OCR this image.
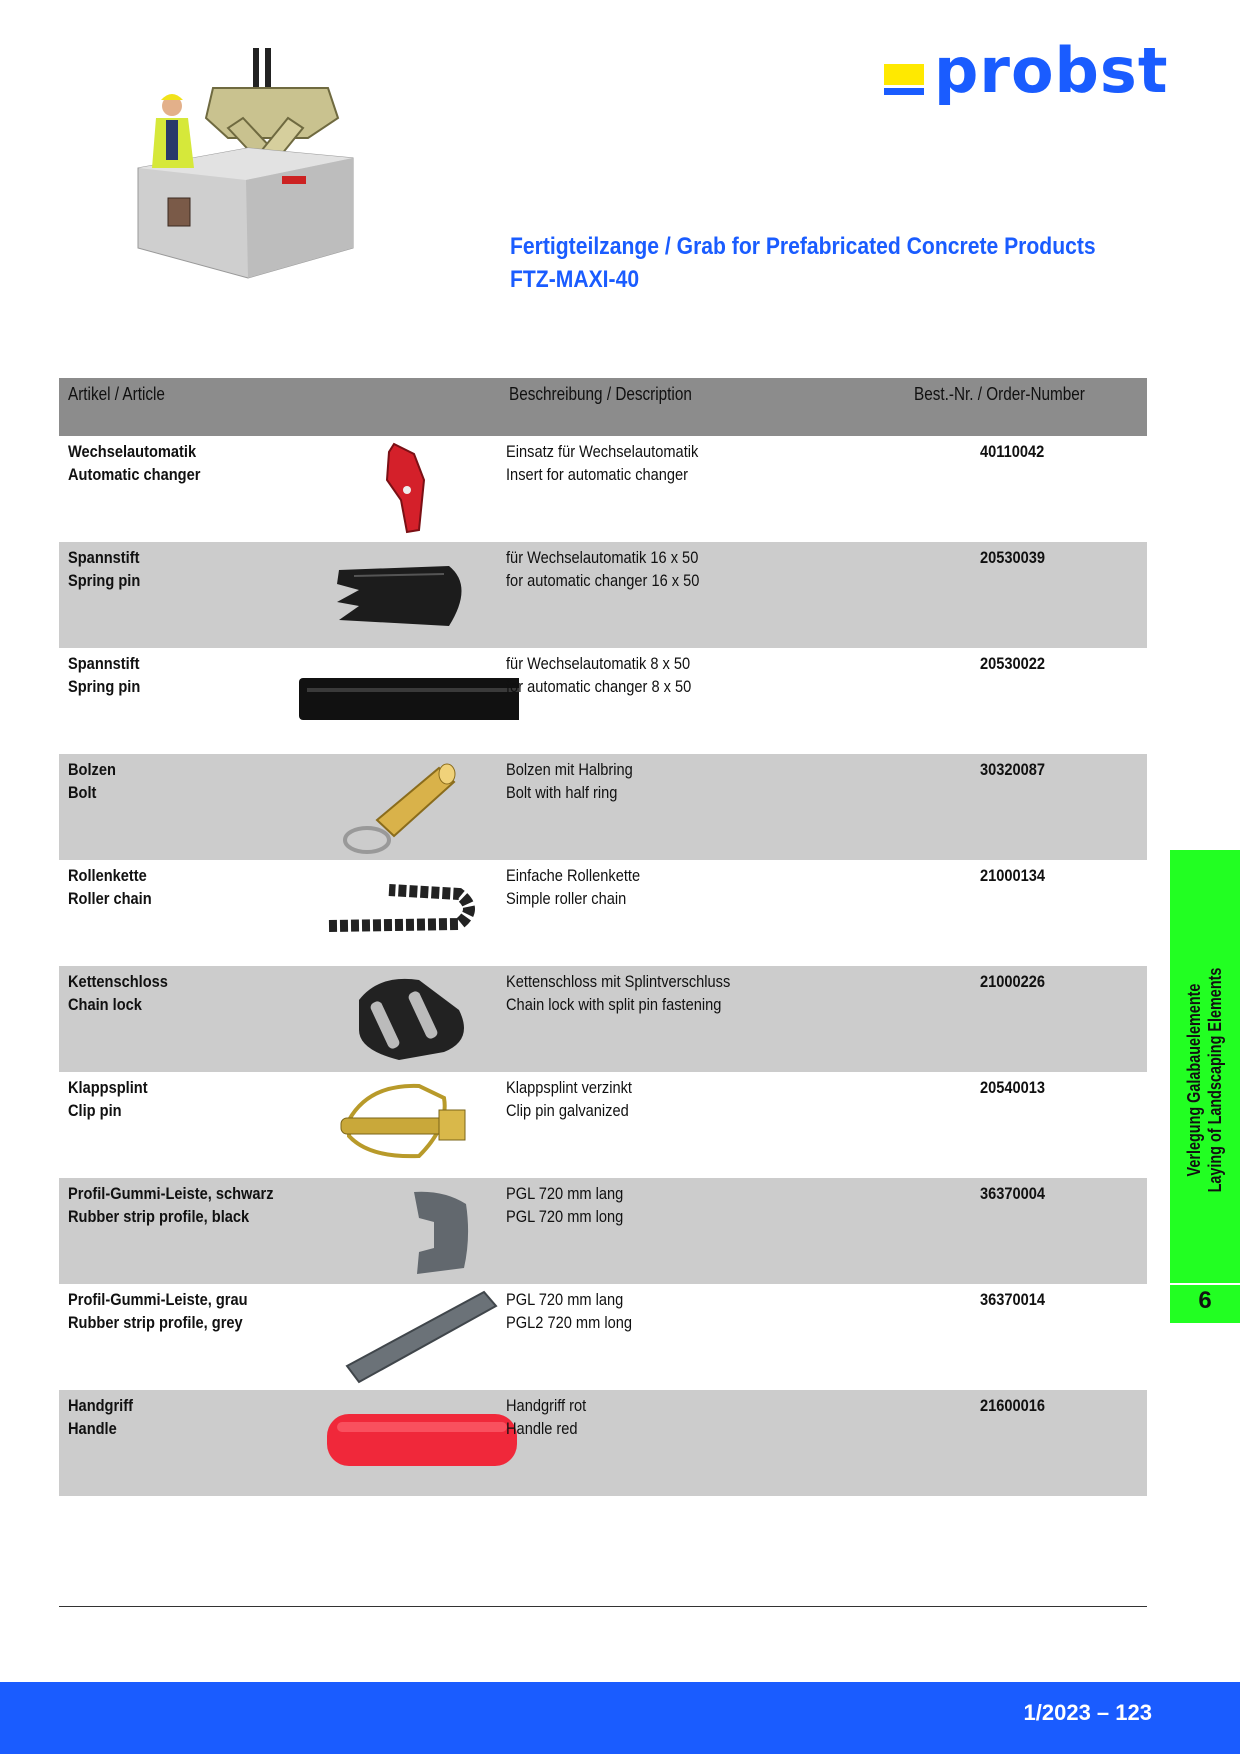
probst
Fertigteilzange / Grab for Prefabricated Concrete Products
FTZ-MAXI-40
Artikel / Article	Beschreibung / Description	Best.-Nr. / Order-Number
Wechselautomatik
Automatic changer
Einsatz für Wechselautomatik
Insert for automatic changer
40110042
Spannstift
Spring pin
für Wechselautomatik 16 x 50
for automatic changer 16 x 50
20530039
Spannstift
Spring pin
für Wechselautomatik 8 x 50
for automatic changer 8 x 50
20530022
Bolzen
Bolt
Bolzen mit Halbring
Bolt with half ring
30320087
Rollenkette
Roller chain
Einfache Rollenkette
Simple roller chain
21000134
Kettenschloss
Chain lock
Kettenschloss mit Splintverschluss
Chain lock with split pin fastening
21000226
Klappsplint
Clip pin
Klappsplint verzinkt
Clip pin galvanized
20540013
Profil-Gummi-Leiste, schwarz
Rubber strip profile, black
PGL 720 mm lang
PGL 720 mm long
36370004
Profil-Gummi-Leiste, grau
Rubber strip profile, grey
PGL 720 mm lang
PGL2 720 mm long
36370014
Handgriff
Handle
Handgriff rot
Handle red
21600016
Verlegung Galabauelemente Laying of Landscaping Elements
6
1/2023 – 123
